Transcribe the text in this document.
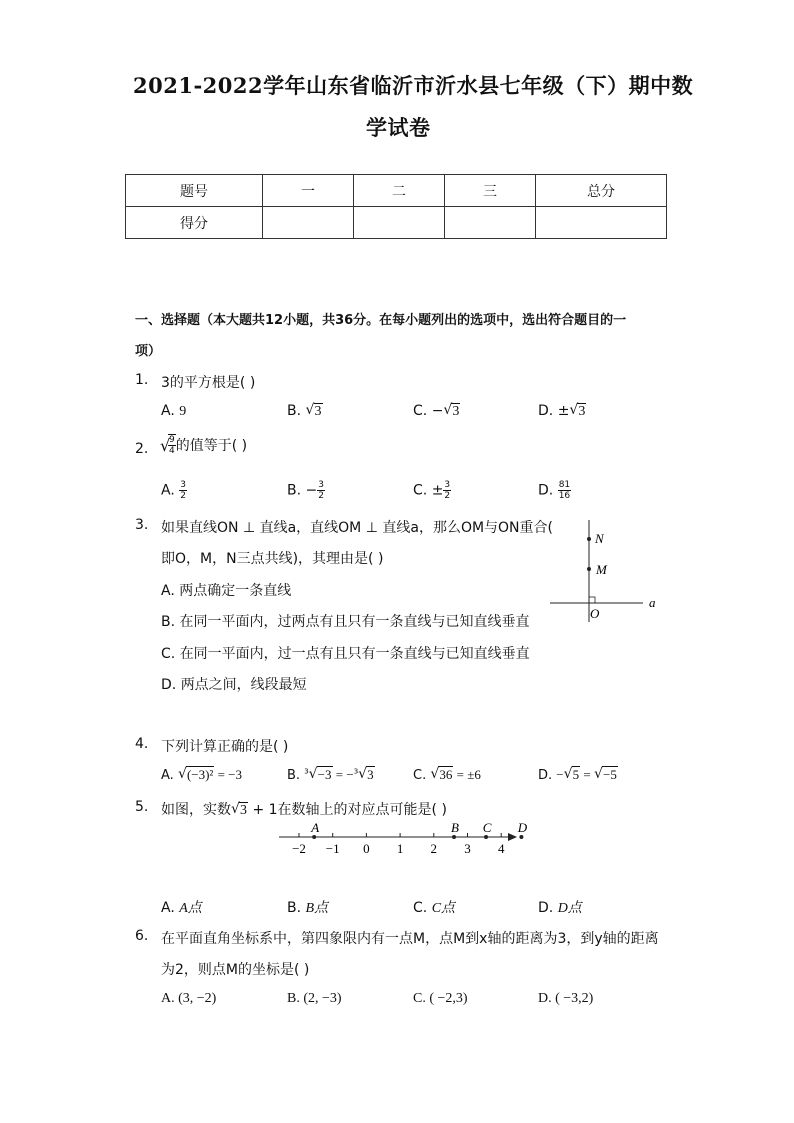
2021-2022学年山东省临沂市沂水县七年级（下）期中数
学试卷
题号	一	二	三	总分
得分				
一、选择题（本大题共12小题，共36分。在每小题列出的选项中，选出符合题目的一
项）
1. 3的平方根是( )
A. 9	B. √ 3	C. − √ 3	D. ± √ 3
2. √
$\frac{9}{4}$ 的值等于( )
A. $\frac{3}{2}$	B. − $\frac{3}{2}$	C. ± $\frac{3}{2}$	D. $\frac{81}{16}$
3. 如果直线ON ⊥ 直线a，直线OM ⊥ 直线a，那么OM与ON重合(
即O，M，N三点共线)，其理由是( )
A. 两点确定一条直线
B. 在同一平面内，过两点有且只有一条直线与已知直线垂直
C. 在同一平面内，过一点有且只有一条直线与已知直线垂直
D. 两点之间，线段最短
N
M
O
a
4. 下列计算正确的是( )
A. √ (−3)² = −3	B. $^3$ √ −3 = −$^3$ √ 3	C. √ 36 = ±6	D. − √ 5 = √ −5
5. 如图，实数 √ 3 + 1在数轴上的对应点可能是( )
−2 −1 0 1 2 3 4
A	B C D
A. A点	B. B点	C. C点	D. D点
6. 在平面直角坐标系中，第四象限内有一点M，点M到x轴的距离为3，到y轴的距离
为2，则点M的坐标是( )
A. (3, −2)	B. (2, −3)	C. ( −2,3)	D. ( −3,2)
